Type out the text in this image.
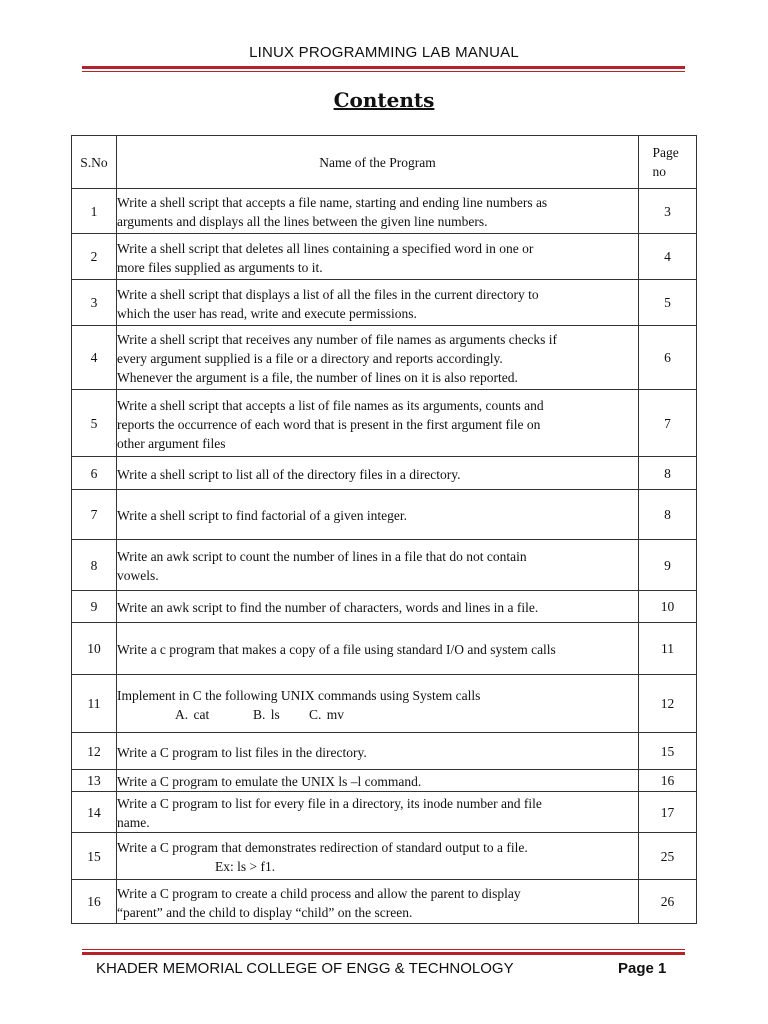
LINUX PROGRAMMING LAB MANUAL
Contents
S.No	Name of the Program	Page no

1	Write a shell script that accepts a file name, starting and ending line numbers as
arguments and displays all the lines between the given line numbers.	3
2	Write a shell script that deletes all lines containing a specified word in one or
more files supplied as arguments to it.	4
3	Write a shell script that displays a list of all the files in the current directory to
which the user has read, write and execute permissions.	5
4	Write a shell script that receives any number of file names as arguments checks if
every argument supplied is a file or a directory and reports accordingly.
Whenever the argument is a file, the number of lines on it is also reported.	6
5	Write a shell script that accepts a list of file names as its arguments, counts and
reports the occurrence of each word that is present in the first argument file on
other argument files	7
6	Write a shell script to list all of the directory files in a directory.	8
7	Write a shell script to find factorial of a given integer.	8
8	Write an awk script to count the number of lines in a file that do not contain
vowels.	9
9	Write an awk script to find the number of characters, words and lines in a file.	10
10	Write a c program that makes a copy of a file using standard I/O and system calls	11
11	Implement in C the following UNIX commands using System calls
A. cat B. ls C. mv	12
12	Write a C program to list files in the directory.	15
13	Write a C program to emulate the UNIX ls –l command.	16
14	Write a C program to list for every file in a directory, its inode number and file
name.	17
15	Write a C program that demonstrates redirection of standard output to a file.
Ex: ls > f1.	25
16	Write a C program to create a child process and allow the parent to display
“parent” and the child to display “child” on the screen.	26
KHADER MEMORIAL COLLEGE OF ENGG & TECHNOLOGY	Page 1
